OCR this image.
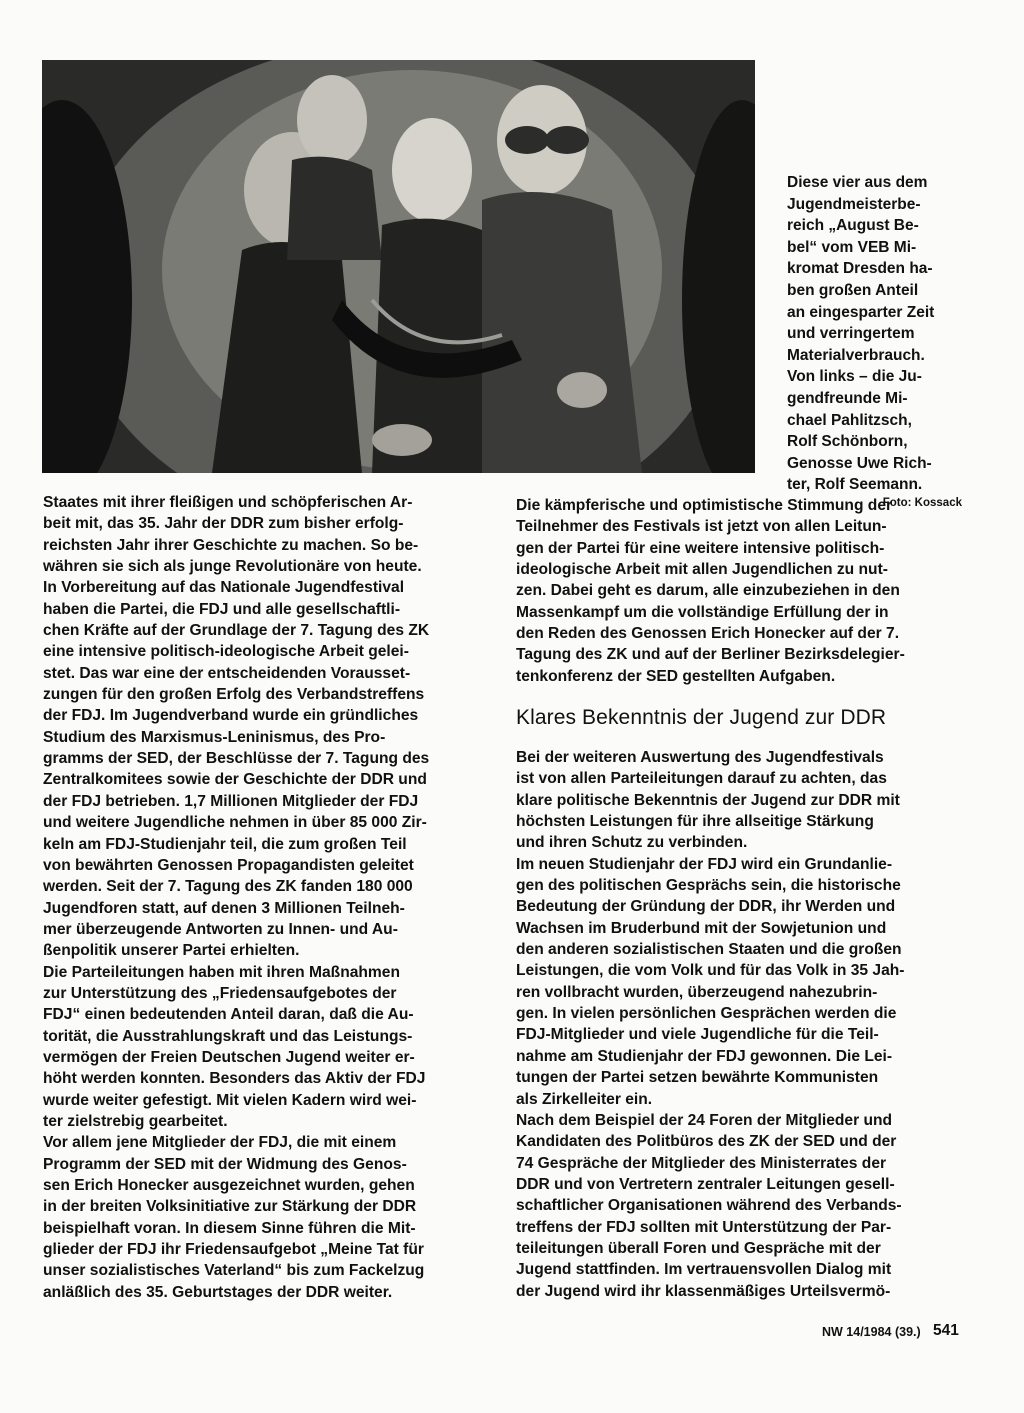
Diese vier aus dem
Jugendmeisterbe-
reich „August Be-
bel“ vom VEB Mi-
kromat Dresden ha-
ben großen Anteil
an eingesparter Zeit
und verringertem
Materialverbrauch.
Von links – die Ju-
gendfreunde Mi-
chael Pahlitzsch,
Rolf Schönborn,
Genosse Uwe Rich-
ter, Rolf Seemann.
Foto: Kossack
Staates mit ihrer fleißigen und schöpferischen Ar-
beit mit, das 35. Jahr der DDR zum bisher erfolg-
reichsten Jahr ihrer Geschichte zu machen. So be-
währen sie sich als junge Revolutionäre von heute.
In Vorbereitung auf das Nationale Jugendfestival
haben die Partei, die FDJ und alle gesellschaftli-
chen Kräfte auf der Grundlage der 7. Tagung des ZK
eine intensive politisch-ideologische Arbeit gelei-
stet. Das war eine der entscheidenden Vorausset-
zungen für den großen Erfolg des Verbandstreffens
der FDJ. Im Jugendverband wurde ein gründliches
Studium des Marxismus-Leninismus, des Pro-
gramms der SED, der Beschlüsse der 7. Tagung des
Zentralkomitees sowie der Geschichte der DDR und
der FDJ betrieben. 1,7 Millionen Mitglieder der FDJ
und weitere Jugendliche nehmen in über 85 000 Zir-
keln am FDJ-Studienjahr teil, die zum großen Teil
von bewährten Genossen Propagandisten geleitet
werden. Seit der 7. Tagung des ZK fanden 180 000
Jugendforen statt, auf denen 3 Millionen Teilneh-
mer überzeugende Antworten zu Innen- und Au-
ßenpolitik unserer Partei erhielten.
Die Parteileitungen haben mit ihren Maßnahmen
zur Unterstützung des „Friedensaufgebotes der
FDJ“ einen bedeutenden Anteil daran, daß die Au-
torität, die Ausstrahlungskraft und das Leistungs-
vermögen der Freien Deutschen Jugend weiter er-
höht werden konnten. Besonders das Aktiv der FDJ
wurde weiter gefestigt. Mit vielen Kadern wird wei-
ter zielstrebig gearbeitet.
Vor allem jene Mitglieder der FDJ, die mit einem
Programm der SED mit der Widmung des Genos-
sen Erich Honecker ausgezeichnet wurden, gehen
in der breiten Volksinitiative zur Stärkung der DDR
beispielhaft voran. In diesem Sinne führen die Mit-
glieder der FDJ ihr Friedensaufgebot „Meine Tat für
unser sozialistisches Vaterland“ bis zum Fackelzug
anläßlich des 35. Geburtstages der DDR weiter.
Die kämpferische und optimistische Stimmung der
Teilnehmer des Festivals ist jetzt von allen Leitun-
gen der Partei für eine weitere intensive politisch-
ideologische Arbeit mit allen Jugendlichen zu nut-
zen. Dabei geht es darum, alle einzubeziehen in den
Massenkampf um die vollständige Erfüllung der in
den Reden des Genossen Erich Honecker auf der 7.
Tagung des ZK und auf der Berliner Bezirksdelegier-
tenkonferenz der SED gestellten Aufgaben.
Klares Bekenntnis der Jugend zur DDR
Bei der weiteren Auswertung des Jugendfestivals
ist von allen Parteileitungen darauf zu achten, das
klare politische Bekenntnis der Jugend zur DDR mit
höchsten Leistungen für ihre allseitige Stärkung
und ihren Schutz zu verbinden.
Im neuen Studienjahr der FDJ wird ein Grundanlie-
gen des politischen Gesprächs sein, die historische
Bedeutung der Gründung der DDR, ihr Werden und
Wachsen im Bruderbund mit der Sowjetunion und
den anderen sozialistischen Staaten und die großen
Leistungen, die vom Volk und für das Volk in 35 Jah-
ren vollbracht wurden, überzeugend nahezubrin-
gen. In vielen persönlichen Gesprächen werden die
FDJ-Mitglieder und viele Jugendliche für die Teil-
nahme am Studienjahr der FDJ gewonnen. Die Lei-
tungen der Partei setzen bewährte Kommunisten
als Zirkelleiter ein.
Nach dem Beispiel der 24 Foren der Mitglieder und
Kandidaten des Politbüros des ZK der SED und der
74 Gespräche der Mitglieder des Ministerrates der
DDR und von Vertretern zentraler Leitungen gesell-
schaftlicher Organisationen während des Verbands-
treffens der FDJ sollten mit Unterstützung der Par-
teileitungen überall Foren und Gespräche mit der
Jugend stattfinden. Im vertrauensvollen Dialog mit
der Jugend wird ihr klassenmäßiges Urteilsvermö-
NW 14/1984 (39.) 541
